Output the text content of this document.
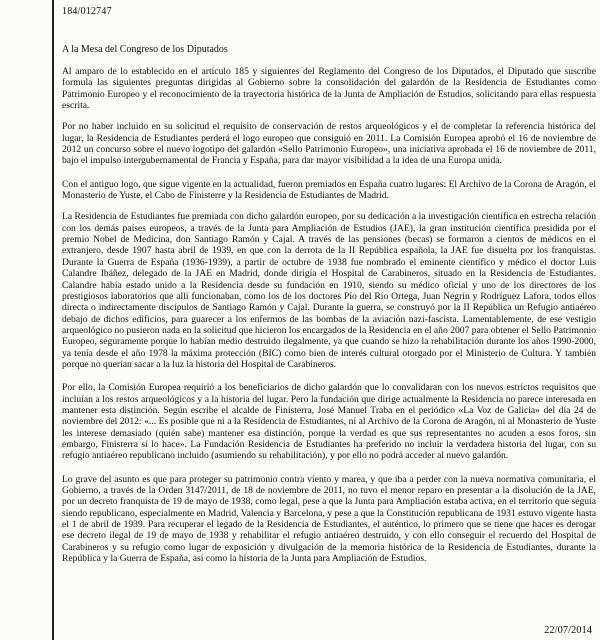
184/012747

A la Mesa del Congreso de los Diputados

Al amparo de lo establecido en el artículo 185 y siguientes del Reglamento del Congreso de los Diputados, el Diputado que suscribe formula las siguientes preguntas dirigidas al Gobierno sobre la consolidación del galardón de la Residencia de Estudiantes como Patrimonio Europeo y el reconocimiento de la trayectoria histórica de la Junta de Ampliación de Estudios, solicitando para ellas respuesta escrita.

Por no haber incluido en su solicitud el requisito de conservación de restos arqueológicos y el de completar la referencia histórica del lugar, la Residencia de Estudiantes perderá el logo europeo que consiguió en 2011. La Comisión Europea aprobó el 16 de noviembre de 2012 un concurso sobre el nuevo logotipo del galardón «Sello Patrimonio Europeo», una iniciativa aprobada el 16 de noviembre de 2011, bajo el impulso intergubernamental de Francia y España, para dar mayor visibilidad a la idea de una Europa unida.

Con el antiguo logo, que sigue vigente en la actualidad, fueron premiados en España cuatro lugares: El Archivo de la Corona de Aragón, el Monasterio de Yuste, el Cabo de Finisterre y la Residencia de Estudiantes de Madrid.

La Residencia de Estudiantes fue premiada con dicho galardón europeo, por su dedicación a la investigación científica en estrecha relación con los demás países europeos, a través de la Junta para Ampliación de Estudios (JAE), la gran institución científica presidida por el premio Nobel de Medicina, don Santiago Ramón y Cajal. A través de las pensiones (becas) se formaron a cientos de médicos en el extranjero, desde 1907 hasta abril de 1939, en que con la derrota de la II República española, la JAE fue disuelta por los franquistas. Durante la Guerra de España (1936-1939), a partir de octubre de 1938 fue nombrado el eminente científico y médico el doctor Luis Calandre Ibáñez, delegado de la JAE en Madrid, donde dirigía el Hospital de Carabineros, situado en la Residencia de Estudiantes. Calandre había estado unido a la Residencia desde su fundación en 1910, siendo su médico oficial y uno de los directores de los prestigiosos laboratorios que allí funcionaban, como los de los doctores Pío del Río Ortega, Juan Negrín y Rodríguez Lafora, todos ellos directa o indirectamente discípulos de Santiago Ramón y Cajal. Durante la guerra, se construyó por la II República un Refugio antiaéreo debajo de dichos edificios, para guarecer a los enfermos de las bombas de la aviación nazi-fascista. Lamentablemente, de ese vestigio arqueológico no pusieron nada en la solicitud que hicieron los encargados de la Residencia en el año 2007 para obtener el Sello Patrimonio Europeo, seguramente porque lo habían medio destruido ilegalmente, ya que cuando se hizo la rehabilitación durante los años 1990-2000, ya tenía desde el año 1978 la máxima protección (BIC) como bien de interés cultural otorgado por el Ministerio de Cultura. Y también porque no querían sacar a la luz la historia del Hospital de Carabineros.

Por ello, la Comisión Europea requirió a los beneficiarios de dicho galardón que lo convalidaran con los nuevos estrictos requisitos que incluían a los restos arqueológicos y a la historia del lugar. Pero la fundación que dirige actualmente la Residencia no parece interesada en mantener esta distinción. Según escribe el alcalde de Finisterra, José Manuel Traba en el periódico «La Voz de Galicia» del día 24 de noviembre del 2012: «... Es posible que ni a la Residencia de Estudiantes, ni al Archivo de la Corona de Aragón, ni al Monasterio de Yuste les interese demasiado (quién sabe) mantener esa distinción, porque la verdad es que sus representantes no acuden a esos foros, sin embargo, Finisterra sí lo hace». La Fundación Residencia de Estudiantes ha preferido no incluir la verdadera historia del lugar, con su refugio antiaéreo republicano incluido (asumiendo su rehabilitación), y por ello no podrá acceder al nuevo galardón.

Lo grave del asunto es que para proteger su patrimonio contra viento y marea, y que iba a perder con la nueva normativa comunitaria, el Gobierno, a través de la Orden 3147/2011, de 18 de noviembre de 2011, no tuvo el menor reparo en presentar a la disolución de la JAE, por un decreto franquista de 19 de mayo de 1938, como legal, pese a que la Junta para Ampliación estaba activa, en el territorio que seguía siendo republicano, especialmente en Madrid, Valencia y Barcelona, y pese a que la Constitución republicana de 1931 estuvo vigente hasta el 1 de abril de 1939. Para recuperar el legado de la Residencia de Estudiantes, el auténtico, lo primero que se tiene que hacer es derogar ese decreto ilegal de 19 de mayo de 1938 y rehabilitar el refugio antiaéreo destruido, y con ello conseguir el recuerdo del Hospital de Carabineros y su refugio como lugar de exposición y divulgación de la memoria histórica de la Residencia de Estudiantes, durante la República y la Guerra de España, así como la historia de la Junta para Ampliación de Estudios.

22/07/2014
